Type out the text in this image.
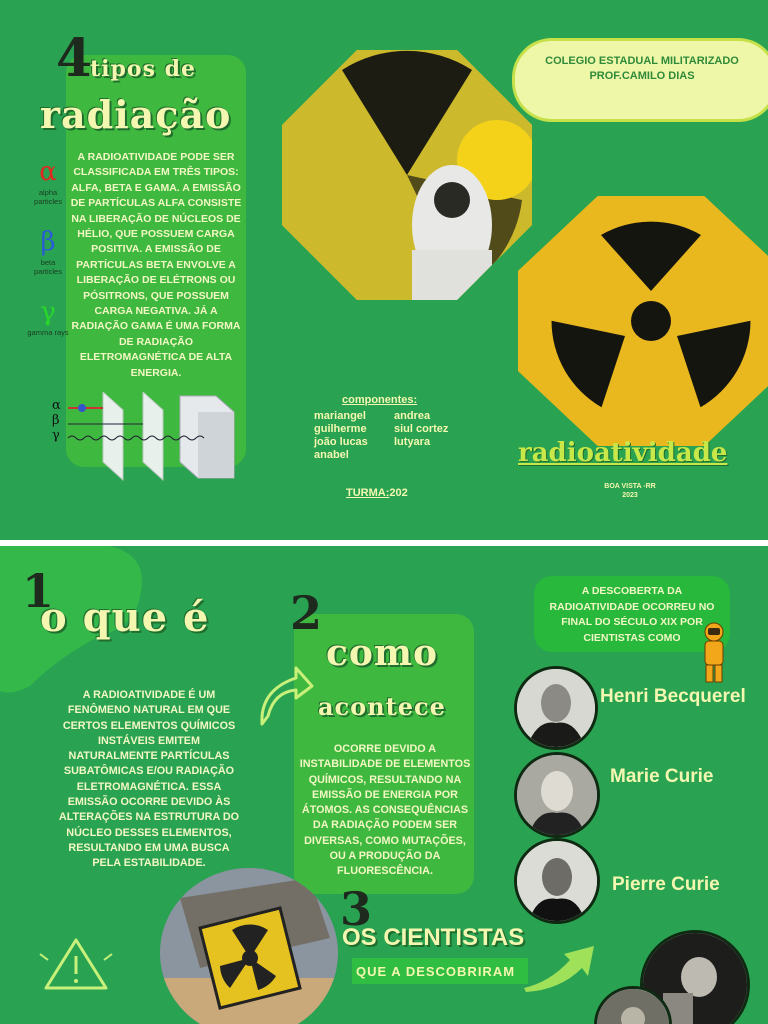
4
tipos de
radiação
α
alpha particles
β
beta particles
γ
gamma rays
A RADIOATIVIDADE PODE SER CLASSIFICADA EM TRÊS TIPOS: ALFA, BETA E GAMA. A EMISSÃO DE PARTÍCULAS ALFA CONSISTE NA LIBERAÇÃO DE NÚCLEOS DE HÉLIO, QUE POSSUEM CARGA POSITIVA. A EMISSÃO DE PARTÍCULAS BETA ENVOLVE A LIBERAÇÃO DE ELÉTRONS OU PÓSITRONS, QUE POSSUEM CARGA NEGATIVA. JÁ A RADIAÇÃO GAMA É UMA FORMA DE RADIAÇÃO ELETROMAGNÉTICA DE ALTA ENERGIA.
α
β
γ
COLEGIO ESTADUAL MILITARIZADO
PROF.CAMILO DIAS
componentes:
mariangel	andrea
guilherme	siul cortez
joão lucas	lutyara
anabel
TURMA:202
radioatividade
BOA VISTA -RR
2023
1
o que é
A RADIOATIVIDADE É UM FENÔMENO NATURAL EM QUE CERTOS ELEMENTOS QUÍMICOS INSTÁVEIS EMITEM NATURALMENTE PARTÍCULAS SUBATÔMICAS E/OU RADIAÇÃO ELETROMAGNÉTICA. ESSA EMISSÃO OCORRE DEVIDO ÀS ALTERAÇÕES NA ESTRUTURA DO NÚCLEO DESSES ELEMENTOS, RESULTANDO EM UMA BUSCA PELA ESTABILIDADE.
2
como
acontece
OCORRE DEVIDO A INSTABILIDADE DE ELEMENTOS QUÍMICOS, RESULTANDO NA EMISSÃO DE ENERGIA POR ÁTOMOS. AS CONSEQUÊNCIAS DA RADIAÇÃO PODEM SER DIVERSAS, COMO MUTAÇÕES, OU A PRODUÇÃO DA FLUORESCÊNCIA.
A DESCOBERTA DA RADIOATIVIDADE OCORREU NO FINAL DO SÉCULO XIX POR CIENTISTAS COMO
Henri Becquerel
Marie Curie
Pierre Curie
3
OS CIENTISTAS
QUE A DESCOBRIRAM
